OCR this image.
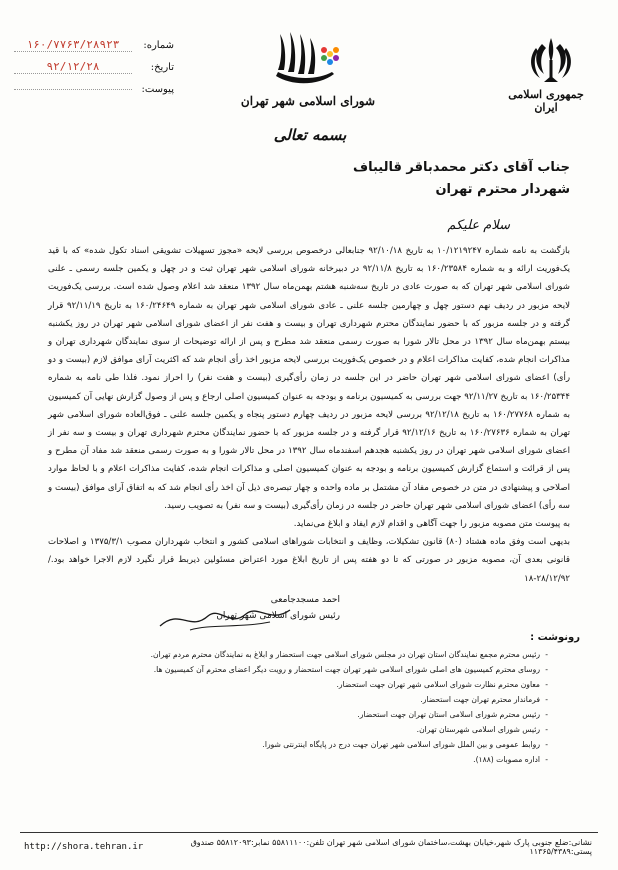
جمهوری اسلامی ایران
شورای اسلامی شهر تهران
بسمه تعالی
شماره:
۱۶۰/۷۷۶۳/۲۸۹۲۳
تاریخ:
۹۲/۱۲/۲۸
پیوست:
جناب آقای دکتر محمدباقر قالیباف
شهردار محترم تهران
سلام علیکم

بازگشت به نامه شماره ۱۰/۱۲۱۹۲۴۷ به تاریخ ۹۲/۱۰/۱۸ جنابعالی درخصوص بررسی لایحه «مجوز تسهیلات تشویقی اسناد تکول شده» که با قید یک‌فوریت ارائه و به شماره ۱۶۰/۲۳۵۸۴ به تاریخ ۹۲/۱۱/۸ در دبیرخانه شورای اسلامی شهر تهران ثبت و در چهل و یکمین جلسه رسمی ـ علنی شورای اسلامی شهر تهران که به صورت عادی در تاریخ سه‌شنبه هشتم بهمن‌ماه سال ۱۳۹۲ منعقد شد اعلام وصول شده است. بررسی یک‌فوریت لایحه مزبور در ردیف نهم دستور چهل و چهارمین جلسه علنی ـ عادی شورای اسلامی شهر تهران به شماره ۱۶۰/۲۴۶۴۹ به تاریخ ۹۲/۱۱/۱۹ قرار گرفته و در جلسه مزبور که با حضور نمایندگان محترم شهرداری تهران و بیست و هفت نفر از اعضای شورای اسلامی شهر تهران در روز یکشنبه بیستم بهمن‌ماه سال ۱۳۹۲ در محل تالار شورا به صورت رسمی منعقد شد مطرح و پس از ارائه توضیحات از سوی نمایندگان شهرداری تهران و مذاکرات انجام شده، کفایت مذاکرات اعلام و در خصوص یک‌فوریت بررسی لایحه مزبور اخذ رأی انجام شد که اکثریت آرای موافق لازم (بیست و دو رأی) اعضای شورای اسلامی شهر تهران حاضر در این جلسه در زمان رأی‌گیری (بیست و هفت نفر) را احراز نمود. فلذا طی نامه به شماره ۱۶۰/۲۵۳۴۴ به تاریخ ۹۲/۱۱/۲۷ جهت بررسی به کمیسیون برنامه و بودجه به عنوان کمیسیون اصلی ارجاع و پس از وصول گزارش نهایی آن کمیسیون به شماره ۱۶۰/۲۷۷۶۸ به تاریخ ۹۲/۱۲/۱۸ بررسی لایحه مزبور در ردیف چهارم دستور پنجاه و یکمین جلسه علنی ـ فوق‌العاده شورای اسلامی شهر تهران به شماره ۱۶۰/۲۷۶۳۶ به تاریخ ۹۲/۱۲/۱۶ قرار گرفته و در جلسه مزبور که با حضور نمایندگان محترم شهرداری تهران و بیست و سه نفر از اعضای شورای اسلامی شهر تهران در روز یکشنبه هجدهم اسفندماه سال ۱۳۹۲ در محل تالار شورا و به صورت رسمی منعقد شد مفاد آن مطرح و پس از قرائت و استماع گزارش کمیسیون برنامه و بودجه به عنوان کمیسیون اصلی و مذاکرات انجام شده، کفایت مذاکرات اعلام و با لحاظ موارد اصلاحی و پیشنهادی در متن در خصوص مفاد آن مشتمل بر ماده واحده و چهار تبصره‌ی ذیل آن اخذ رأی انجام شد که به اتفاق آرای موافق (بیست و سه رأی) اعضای شورای اسلامی شهر تهران حاضر در جلسه در زمان رأی‌گیری (بیست و سه نفر) به تصویب رسید.

به پیوست متن مصوبه مزبور را جهت آگاهی و اقدام لازم ایفاد و ابلاغ می‌نماید.

بدیهی است وفق ماده هشتاد (۸۰) قانون تشکیلات، وظایف و انتخابات شوراهای اسلامی کشور و انتخاب شهرداران مصوب ۱۳۷۵/۳/۱ و اصلاحات قانونی بعدی آن، مصوبه مزبور در صورتی که تا دو هفته پس از تاریخ ابلاغ مورد اعتراض مسئولین ذیربط قرار نگیرد لازم الاجرا خواهد بود./۲۸/۱۲/۹۲-۱۸

احمد مسجدجامعی
رئیس شورای اسلامی شهر تهران
رونوشت :
- رئیس محترم مجمع نمایندگان استان تهران در مجلس شورای اسلامی جهت استحضار و ابلاغ به نمایندگان محترم مردم تهران.
- روسای محترم کمیسیون های اصلی شورای اسلامی شهر تهران جهت استحضار و رویت دیگر اعضای محترم آن کمیسیون ها.
- معاون محترم نظارت شورای اسلامی شهر تهران جهت استحضار.
- فرماندار محترم تهران جهت استحضار.
- رئیس محترم شورای اسلامی استان تهران جهت استحضار.
- رئیس شورای اسلامی شهرستان تهران.
- روابط عمومی و بین الملل شورای اسلامی شهر تهران جهت درج در پایگاه اینترنتی شورا.
- اداره مصوبات (۱۸۸).
http://shora.tehran.ir	نشانی:ضلع جنوبی پارک شهر،خیابان بهشت،ساختمان شورای اسلامی شهر تهران تلفن:۵۵۸۱۱۱۰۰ نمابر:۵۵۸۱۲۰۹۳ صندوق پستی:۱۱۳۶۵/۴۳۸۹
